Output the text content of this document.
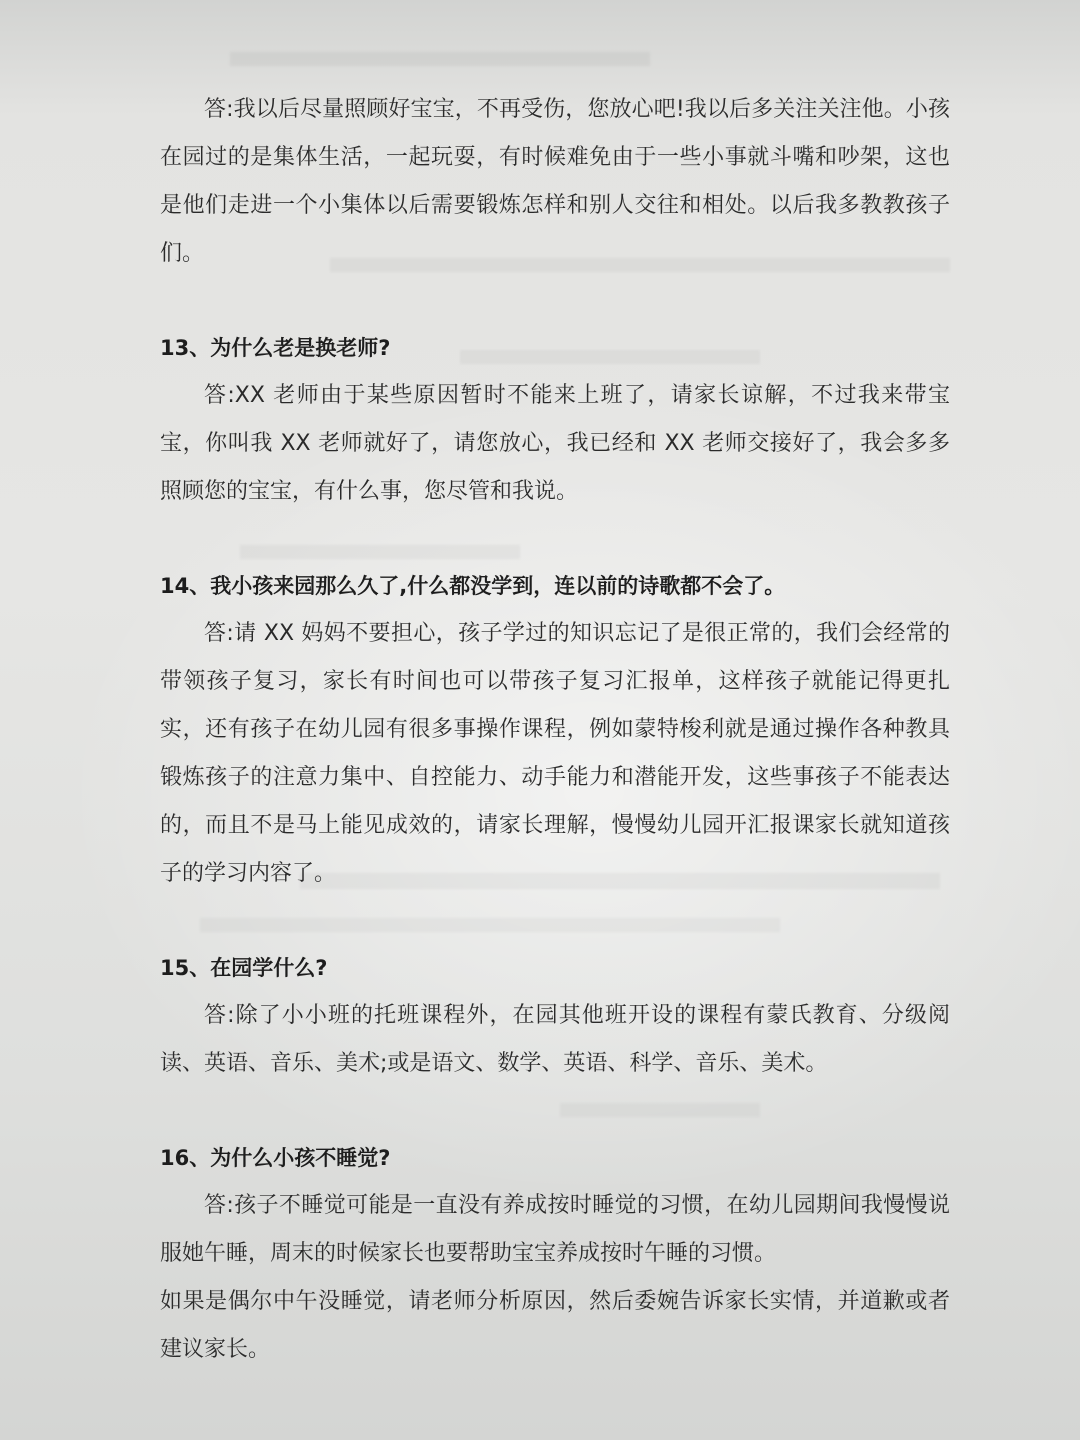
答:我以后尽量照顾好宝宝，不再受伤，您放心吧!我以后多关注关注他。小孩在园过的是集体生活，一起玩耍，有时候难免由于一些小事就斗嘴和吵架，这也是他们走进一个小集体以后需要锻炼怎样和别人交往和相处。以后我多教教孩子们。

13、为什么老是换老师?

答:XX 老师由于某些原因暂时不能来上班了，请家长谅解，不过我来带宝宝，你叫我 XX 老师就好了，请您放心，我已经和 XX 老师交接好了，我会多多照顾您的宝宝，有什么事，您尽管和我说。

14、我小孩来园那么久了,什么都没学到，连以前的诗歌都不会了。

答:请 XX 妈妈不要担心，孩子学过的知识忘记了是很正常的，我们会经常的带领孩子复习，家长有时间也可以带孩子复习汇报单，这样孩子就能记得更扎实，还有孩子在幼儿园有很多事操作课程，例如蒙特梭利就是通过操作各种教具锻炼孩子的注意力集中、自控能力、动手能力和潜能开发，这些事孩子不能表达的，而且不是马上能见成效的，请家长理解，慢慢幼儿园开汇报课家长就知道孩子的学习内容了。

15、在园学什么?

答:除了小小班的托班课程外，在园其他班开设的课程有蒙氏教育、分级阅读、英语、音乐、美术;或是语文、数学、英语、科学、音乐、美术。

16、为什么小孩不睡觉?

答:孩子不睡觉可能是一直没有养成按时睡觉的习惯，在幼儿园期间我慢慢说服她午睡，周末的时候家长也要帮助宝宝养成按时午睡的习惯。

如果是偶尔中午没睡觉，请老师分析原因，然后委婉告诉家长实情，并道歉或者建议家长。
